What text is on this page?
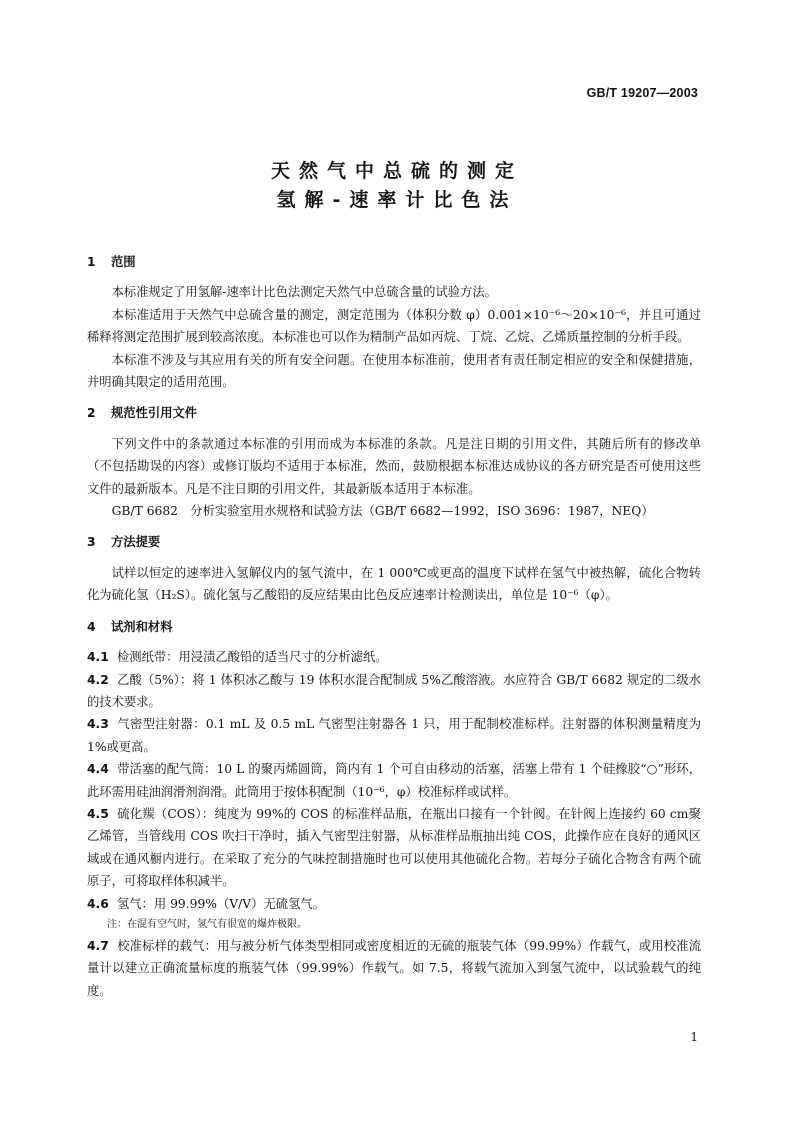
GB/T 19207—2003
天然气中总硫的测定
氢解-速率计比色法

1 范围

本标准规定了用氢解-速率计比色法测定天然气中总硫含量的试验方法。

本标准适用于天然气中总硫含量的测定，测定范围为（体积分数 φ）0.001×10⁻⁶～20×10⁻⁶，并且可通过稀释将测定范围扩展到较高浓度。本标准也可以作为精制产品如丙烷、丁烷、乙烷、乙烯质量控制的分析手段。

本标准不涉及与其应用有关的所有安全问题。在使用本标准前，使用者有责任制定相应的安全和保健措施，并明确其限定的适用范围。

2 规范性引用文件

下列文件中的条款通过本标准的引用而成为本标准的条款。凡是注日期的引用文件，其随后所有的修改单（不包括勘误的内容）或修订版均不适用于本标准，然而，鼓励根据本标准达成协议的各方研究是否可使用这些文件的最新版本。凡是不注日期的引用文件，其最新版本适用于本标准。

GB/T 6682　分析实验室用水规格和试验方法（GB/T 6682—1992，ISO 3696：1987，NEQ）

3 方法提要

试样以恒定的速率进入氢解仪内的氢气流中，在 1 000℃或更高的温度下试样在氢气中被热解，硫化合物转化为硫化氢（H₂S）。硫化氢与乙酸铅的反应结果由比色反应速率计检测读出，单位是 10⁻⁶（φ）。

4 试剂和材料

4.1 检测纸带：用浸渍乙酸铅的适当尺寸的分析滤纸。

4.2 乙酸（5%）：将 1 体积冰乙酸与 19 体积水混合配制成 5%乙酸溶液。水应符合 GB/T 6682 规定的二级水的技术要求。

4.3 气密型注射器：0.1 mL 及 0.5 mL 气密型注射器各 1 只，用于配制校准标样。注射器的体积测量精度为 1%或更高。

4.4 带活塞的配气筒：10 L 的聚丙烯圆筒，筒内有 1 个可自由移动的活塞，活塞上带有 1 个硅橡胶“○”形环，此环需用硅油润滑剂润滑。此筒用于按体积配制（10⁻⁶，φ）校准标样或试样。

4.5 硫化羰（COS）：纯度为 99%的 COS 的标准样品瓶，在瓶出口接有一个针阀。在针阀上连接约 60 cm聚乙烯管，当管线用 COS 吹扫干净时，插入气密型注射器，从标准样品瓶抽出纯 COS，此操作应在良好的通风区域或在通风橱内进行。在采取了充分的气味控制措施时也可以使用其他硫化合物。若每分子硫化合物含有两个硫原子，可将取样体积减半。

4.6 氢气：用 99.99%（V/V）无硫氢气。

注：在混有空气时，氢气有很宽的爆炸极限。

4.7 校准标样的载气：用与被分析气体类型相同或密度相近的无硫的瓶装气体（99.99%）作载气，或用校准流量计以建立正确流量标度的瓶装气体（99.99%）作载气。如 7.5，将载气流加入到氢气流中，以试验载气的纯度。

1
